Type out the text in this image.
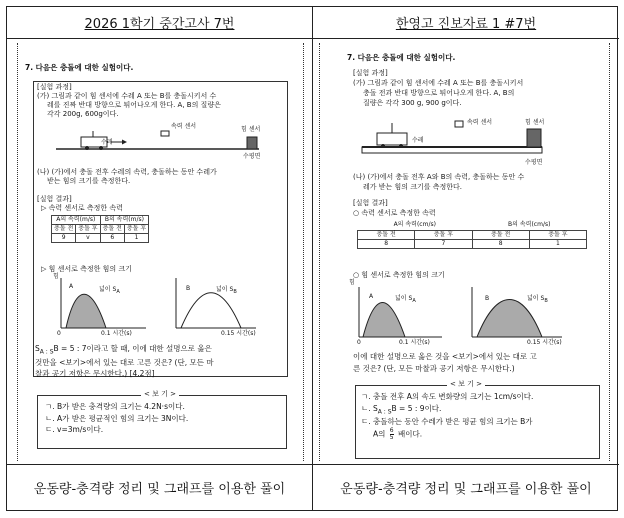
2026 1학기 중간고사 7번	한영고 진보자료 1 #7번
7. 다음은 충돌에 대한 실험이다.
[실험 과정]
(가) 그림과 같이 힘 센서에 수레 A 또는 B를 충돌시키서 수
레를 진짜 반대 방향으로 튀어나오게 한다. A, B의 질량은
각각 200g, 600g이다.
속력 센서	힘 센서
수레
수평면
(나) (가)에서 충돌 전후 수레의 속력, 충돌하는 동안 수레가
받는 힘의 크기를 측정한다.
[실험 결과]
▷ 속력 센서로 측정한 속력
A의 속력(m/s)		B의 속력(m/s)	
충돌 전	충돌 후	충돌 전	충돌 후
9	v	6	1
▷ 힘 센서로 측정한 힘의 크기
힘
A	넓이 $S_A$
B	넓이 $S_B$
0	0.1 시간(s)	0.15 시간(s)
$S_{A : S}B = 5$ : 7이라고 할 때, 이에 대한 설명으로 옳은
것만을 <보기>에서 있는 대로 고른 것은? (단, 모든 마
찰과 공기 저항은 무시한다.) [4.2점]
< 보 기 >
ㄱ. B가 받은 충격량의 크기는 4.2N·s이다.
ㄴ. A가 받은 평균적인 힘의 크기는 3N이다.
ㄷ. v=3m/s이다.
7. 다음은 충돌에 대한 실험이다.
[실험 과정]
(가) 그림과 같이 힘 센서에 수레 A 또는 B를 충돌시키서
충돌 전과 반대 방향으로 튀어나오게 한다. A, B의
질량은 각각 300 g, 900 g이다.
속력 센서	힘 센서
수레
수평면
(나) (가)에서 충돌 전후 A와 B의 속력, 충돌하는 동안 수
레가 받는 힘의 크기를 측정한다.
[실험 결과]
○ 속력 센서로 측정한 속력
A의 속력(cm/s)		B의 속력(cm/s)	
충돌 전	충돌 후	충돌 전	충돌 후
8	7	8	1
○ 힘 센서로 측정한 힘의 크기
힘
A	넓이 $S_A$	B	넓이 $S_B$
0	0.1 시간(s)	0.15 시간(s)
이에 대한 설명으로 옳은 것을 <보기>에서 있는 대로 고
른 것은? (단, 모든 마찰과 공기 저항은 무시한다.)
< 보 기 >
ㄱ. 충돌 전후 A의 속도 변화량의 크기는 1cm/s이다.
ㄴ. $S_{A : S}B = 5$ : 9이다.
ㄷ. 충돌하는 동안 수레가 받은 평균 힘의 크기는 B가
A의 $\frac{6}{5}$ 배이다.
운동량-충격량 정리 및 그래프를 이용한 풀이	운동량-충격량 정리 및 그래프를 이용한 풀이
